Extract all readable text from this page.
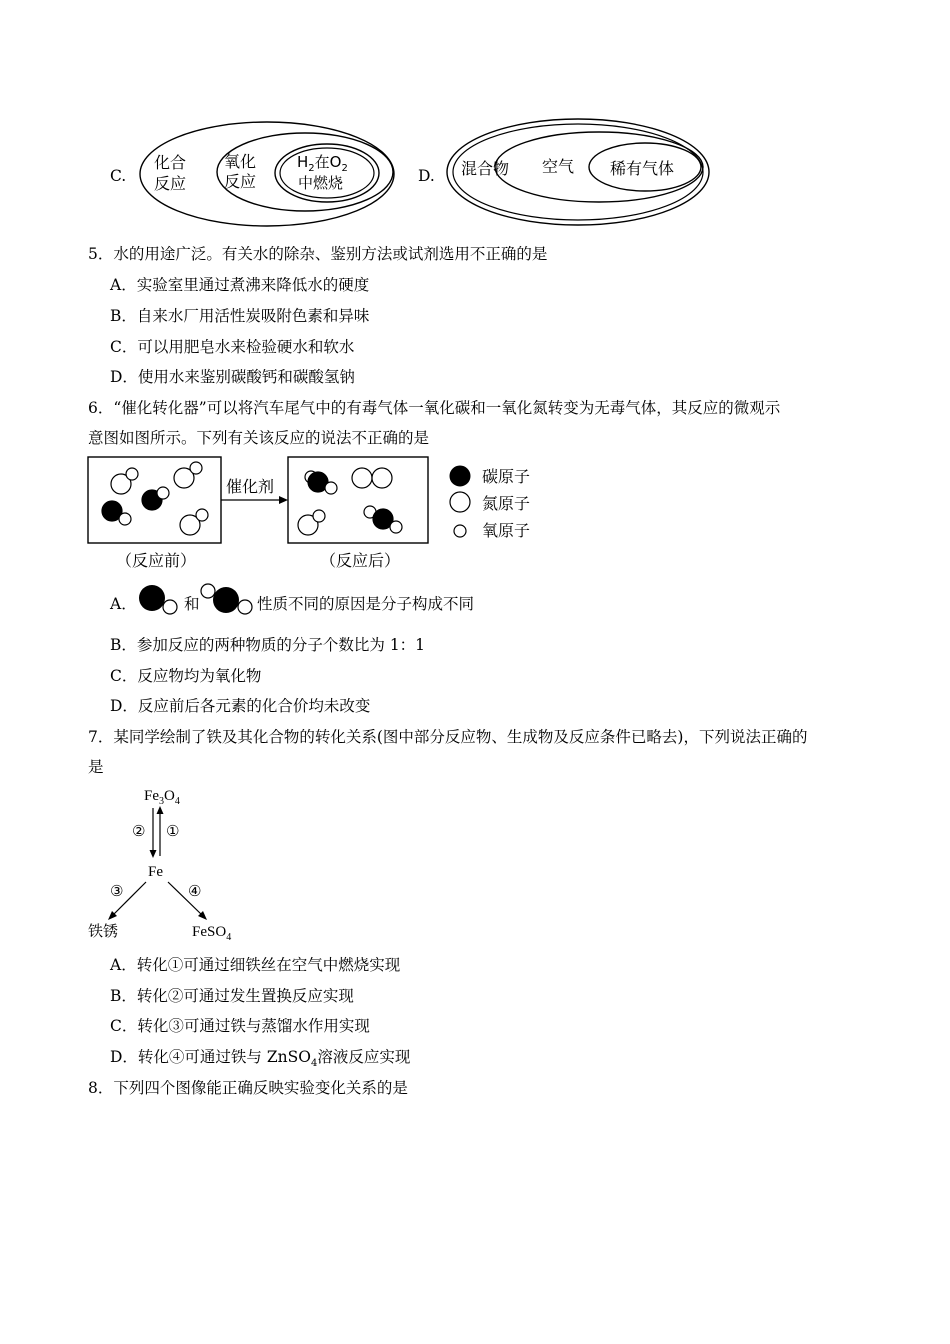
C.
化合
反应
氧化
反应
$H_2$在$O_2$
中燃烧	D. 混合物 空气 稀有气体
5．水的用途广泛。有关水的除杂、鉴别方法或试剂选用不正确的是
A．实验室里通过煮沸来降低水的硬度
B．自来水厂用活性炭吸附色素和异味
C．可以用肥皂水来检验硬水和软水
D．使用水来鉴别碳酸钙和碳酸氢钠
6．“催化转化器”可以将汽车尾气中的有毒气体一氧化碳和一氧化氮转变为无毒气体，其反应的微观示
意图如图所示。下列有关该反应的说法不正确的是
催化剂
（反应前）	（反应后）
碳原子
氮原子
氧原子
A．	和	性质不同的原因是分子构成不同
B．参加反应的两种物质的分子个数比为 1：1
C．反应物均为氧化物
D．反应前后各元素的化合价均未改变
7．某同学绘制了铁及其化合物的转化关系(图中部分反应物、生成物及反应条件已略去)，下列说法正确的
是
$Fe_3O_4$
② ①
Fe
③	④
铁锈	FeSO$_4$
A．转化①可通过细铁丝在空气中燃烧实现
B．转化②可通过发生置换反应实现
C．转化③可通过铁与蒸馏水作用实现
D．转化④可通过铁与 ZnSO$_4$溶液反应实现
8．下列四个图像能正确反映实验变化关系的是
